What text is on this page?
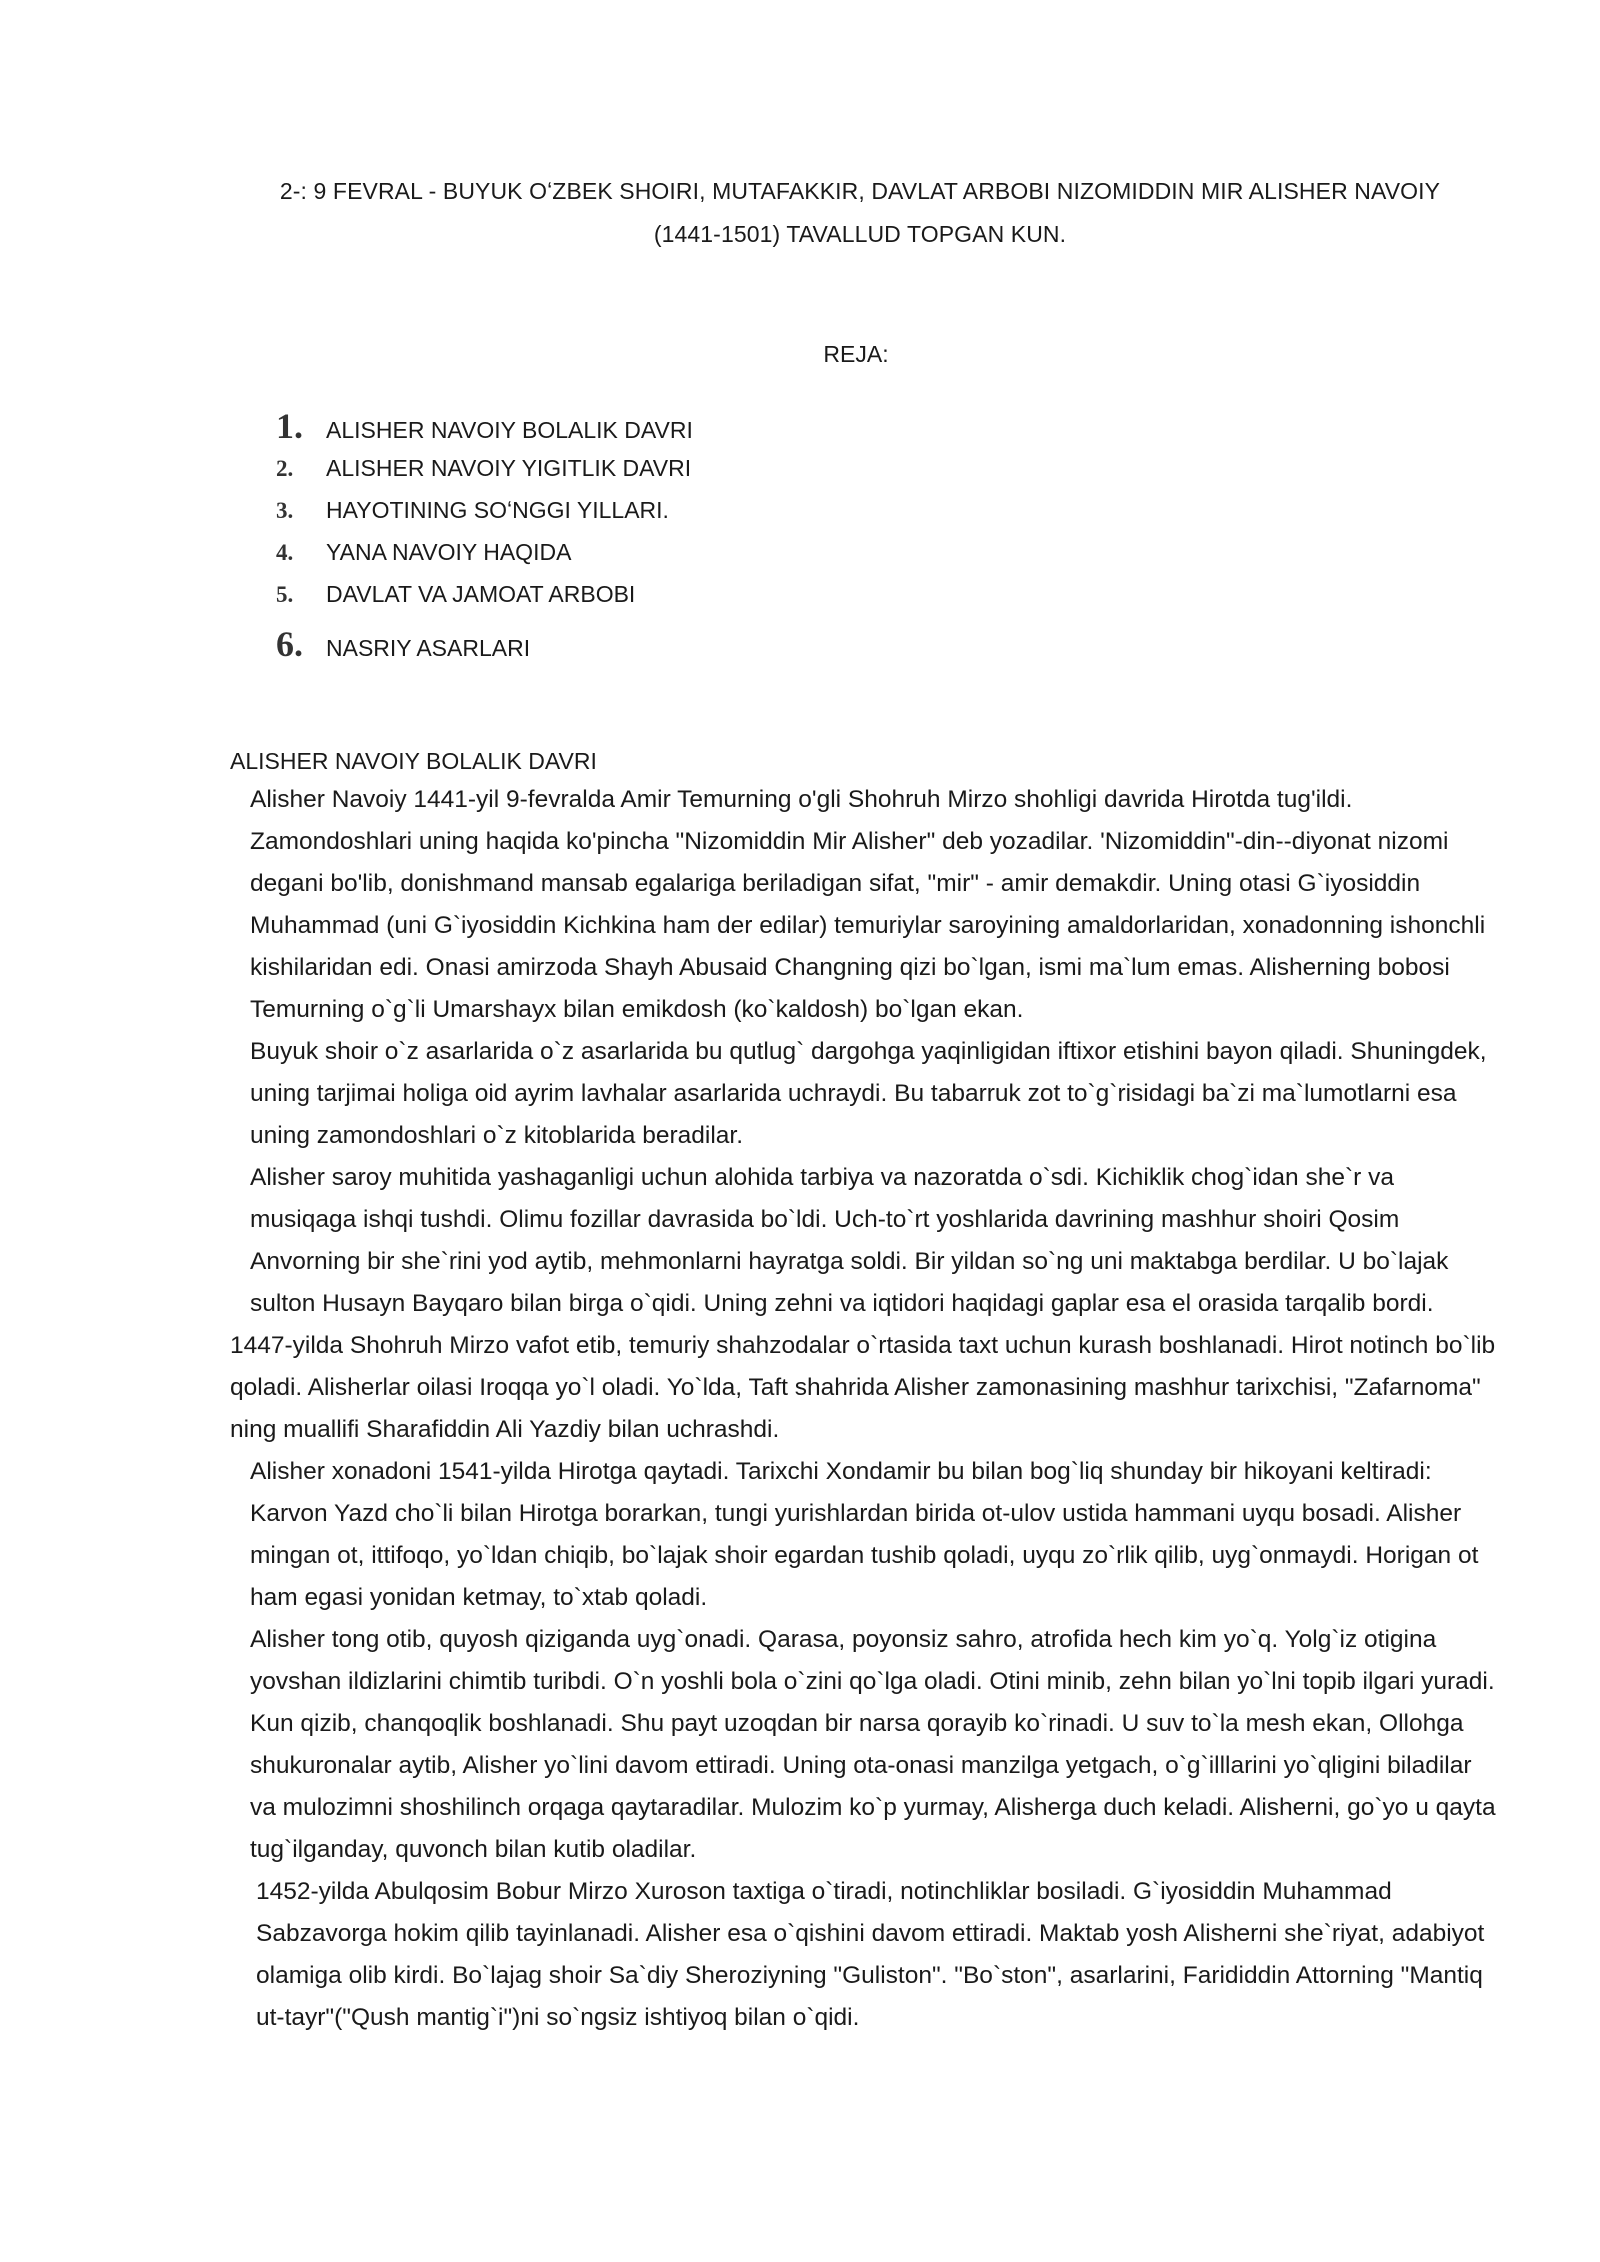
2-: 9 FEVRAL - BUYUK OʻZBEK SHOIRI, MUTAFAKKIR, DAVLAT ARBOBI NIZOMIDDIN MIR ALISHER NAVOIY
(1441-1501) TAVALLUD TOPGAN KUN.
REJA:
1.	ALISHER NAVOIY BOLALIK DAVRI
2.	ALISHER NAVOIY YIGITLIK DAVRI
3.	HAYOTINING SOʻNGGI YILLARI.
4.	YANA NAVOIY HAQIDA
5.	DAVLAT VA JAMOAT ARBOBI
6.	NASRIY ASARLARI
ALISHER NAVOIY BOLALIK DAVRI

Alisher Navoiy 1441-yil 9-fevralda Amir Temurning o'gli Shohruh Mirzo shohligi davrida Hirotda tug'ildi. Zamondoshlari uning haqida ko'pincha "Nizomiddin Mir Alisher" deb yozadilar. 'Nizomiddin"-din--diyonat nizomi degani bo'lib, donishmand mansab egalariga beriladigan sifat, "mir" - amir demakdir. Uning otasi G`iyosiddin Muhammad (uni G`iyosiddin Kichkina ham der edilar) temuriylar saroyining amaldorlaridan, xonadonning ishonchli kishilaridan edi. Onasi amirzoda Shayh Abusaid Changning qizi bo`lgan, ismi ma`lum emas. Alisherning bobosi Temurning o`g`li Umarshayx bilan emikdosh (ko`kaldosh) bo`lgan ekan.

Buyuk shoir o`z asarlarida o`z asarlarida bu qutlug` dargohga yaqinligidan iftixor etishini bayon qiladi. Shuningdek, uning tarjimai holiga oid ayrim lavhalar asarlarida uchraydi. Bu tabarruk zot to`g`risidagi ba`zi ma`lumotlarni esa uning zamondoshlari o`z kitoblarida beradilar.

Alisher saroy muhitida yashaganligi uchun alohida tarbiya va nazoratda o`sdi. Kichiklik chog`idan she`r va musiqaga ishqi tushdi. Olimu fozillar davrasida bo`ldi. Uch-to`rt yoshlarida davrining mashhur shoiri Qosim Anvorning bir she`rini yod aytib, mehmonlarni hayratga soldi. Bir yildan so`ng uni maktabga berdilar. U bo`lajak sulton Husayn Bayqaro bilan birga o`qidi. Uning zehni va iqtidori haqidagi gaplar esa el orasida tarqalib bordi.

1447-yilda Shohruh Mirzo vafot etib, temuriy shahzodalar o`rtasida taxt uchun kurash boshlanadi. Hirot notinch bo`lib qoladi. Alisherlar oilasi Iroqqa yo`l oladi. Yo`lda, Taft shahrida Alisher zamonasining mashhur tarixchisi, "Zafarnoma" ning muallifi Sharafiddin Ali Yazdiy bilan uchrashdi.

Alisher xonadoni 1541-yilda Hirotga qaytadi. Tarixchi Xondamir bu bilan bog`liq shunday bir hikoyani keltiradi: Karvon Yazd cho`li bilan Hirotga borarkan, tungi yurishlardan birida ot-ulov ustida hammani uyqu bosadi. Alisher mingan ot, ittifoqo, yo`ldan chiqib, bo`lajak shoir egardan tushib qoladi, uyqu zo`rlik qilib, uyg`onmaydi. Horigan ot ham egasi yonidan ketmay, to`xtab qoladi.

Alisher tong otib, quyosh qiziganda uyg`onadi. Qarasa, poyonsiz sahro, atrofida hech kim yo`q. Yolg`iz otigina yovshan ildizlarini chimtib turibdi. O`n yoshli bola o`zini qo`lga oladi. Otini minib, zehn bilan yo`lni topib ilgari yuradi. Kun qizib, chanqoqlik boshlanadi. Shu payt uzoqdan bir narsa qorayib ko`rinadi. U suv to`la mesh ekan, Ollohga shukuronalar aytib, Alisher yo`lini davom ettiradi. Uning ota-onasi manzilga yetgach, o`g`illlarini yo`qligini biladilar va mulozimni shoshilinch orqaga qaytaradilar. Mulozim ko`p yurmay, Alisherga duch keladi. Alisherni, go`yo u qayta tug`ilganday, quvonch bilan kutib oladilar.

1452-yilda Abulqosim Bobur Mirzo Xuroson taxtiga o`tiradi, notinchliklar bosiladi. G`iyosiddin Muhammad Sabzavorga hokim qilib tayinlanadi. Alisher esa o`qishini davom ettiradi. Maktab yosh Alisherni she`riyat, adabiyot olamiga olib kirdi. Bo`lajag shoir Sa`diy Sheroziyning "Guliston". "Bo`ston", asarlarini, Farididdin Attorning "Mantiq ut-tayr"("Qush mantig`i")ni so`ngsiz ishtiyoq bilan o`qidi.
